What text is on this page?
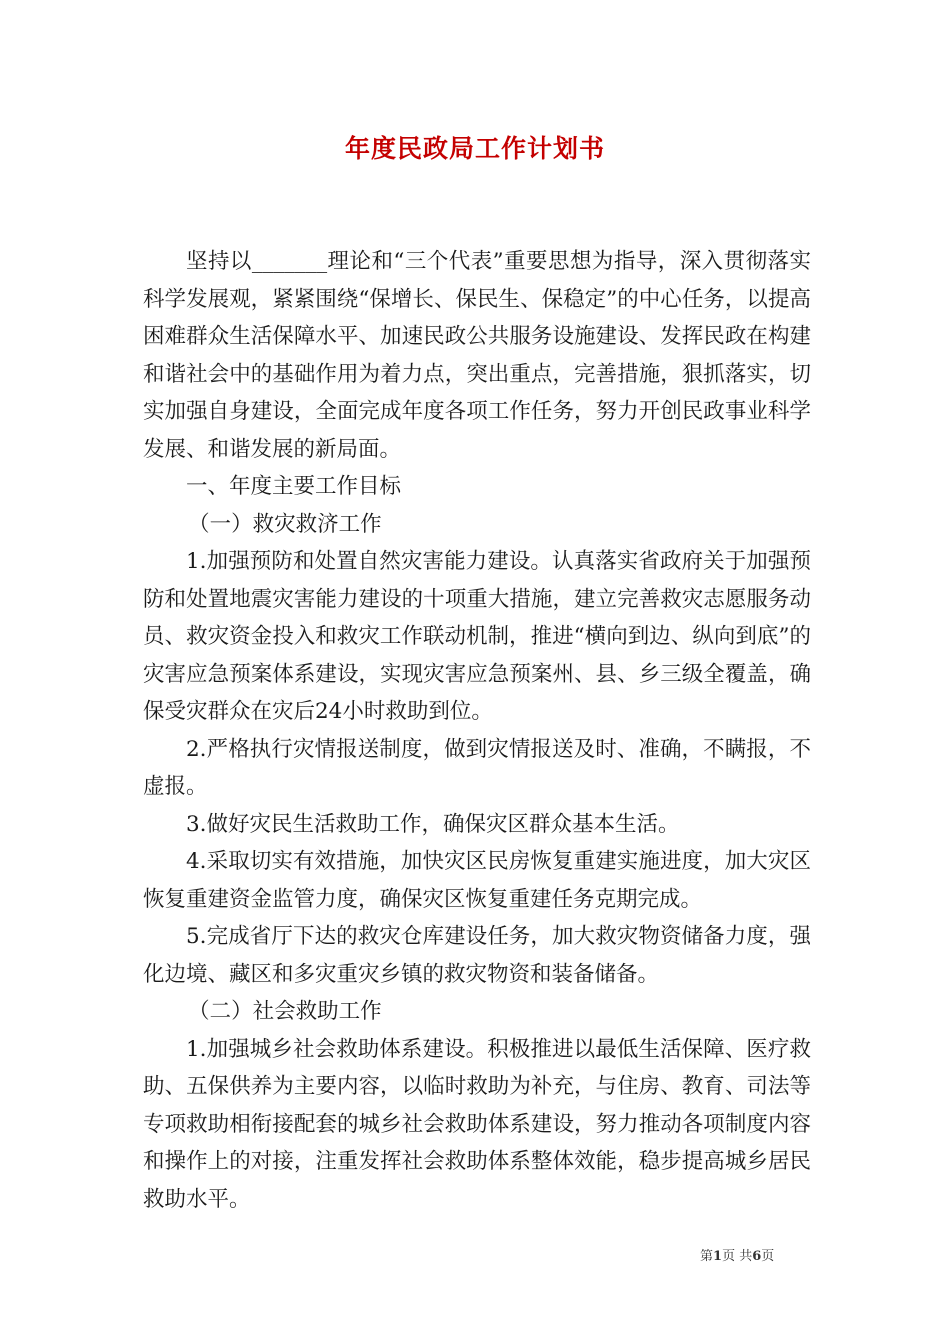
年度民政局工作计划书

坚持以_______理论和“三个代表”重要思想为指导，深入贯彻落实科学发展观，紧紧围绕“保增长、保民生、保稳定”的中心任务，以提高困难群众生活保障水平、加速民政公共服务设施建设、发挥民政在构建和谐社会中的基础作用为着力点，突出重点，完善措施，狠抓落实，切实加强自身建设，全面完成年度各项工作任务，努力开创民政事业科学发展、和谐发展的新局面。

一、年度主要工作目标

（一）救灾救济工作

1.加强预防和处置自然灾害能力建设。认真落实省政府关于加强预防和处置地震灾害能力建设的十项重大措施，建立完善救灾志愿服务动员、救灾资金投入和救灾工作联动机制，推进“横向到边、纵向到底”的灾害应急预案体系建设，实现灾害应急预案州、县、乡三级全覆盖，确保受灾群众在灾后24小时救助到位。

2.严格执行灾情报送制度，做到灾情报送及时、准确，不瞒报，不虚报。

3.做好灾民生活救助工作，确保灾区群众基本生活。

4.采取切实有效措施，加快灾区民房恢复重建实施进度，加大灾区恢复重建资金监管力度，确保灾区恢复重建任务克期完成。

5.完成省厅下达的救灾仓库建设任务，加大救灾物资储备力度，强化边境、藏区和多灾重灾乡镇的救灾物资和装备储备。

（二）社会救助工作

1.加强城乡社会救助体系建设。积极推进以最低生活保障、医疗救助、五保供养为主要内容，以临时救助为补充，与住房、教育、司法等专项救助相衔接配套的城乡社会救助体系建设，努力推动各项制度内容和操作上的对接，注重发挥社会救助体系整体效能，稳步提高城乡居民救助水平。

第1页 共6页
